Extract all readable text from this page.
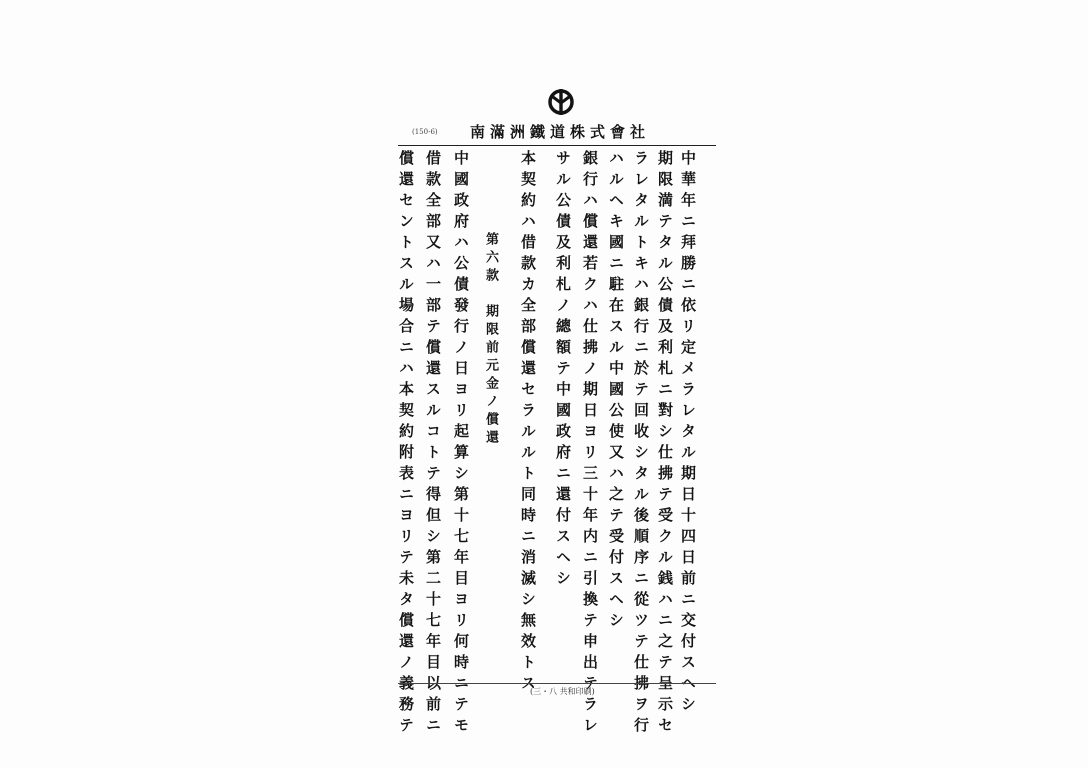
(150-6) 南滿洲鐵道株式會社
中華年ニ拜勝ニ依リ定メラレタル期日十四日前ニ交付スヘシ
期限満テタル公債及利札ニ對シ仕拂テ受クル銭ハニ之テ呈示セ
ラレタルトキハ銀行ニ於テ回收シタル後順序ニ從ツテ仕拂ヲ行
ハルヘキ國ニ駐在スル中國公使又ハ之テ受付スヘシ
銀行ハ償還若クハ仕拂ノ期日ヨリ三十年内ニ引換テ申出テラレ
サル公債及利札ノ總額テ中國政府ニ還付スヘシ
本契約ハ借款カ全部償還セラルルト同時ニ消滅シ無效トス
第六款　期限前元金ノ償還
中國政府ハ公債發行ノ日ヨリ起算シ第十七年目ヨリ何時ニテモ
借款全部又ハ一部テ償還スルコトテ得但シ第二十七年目以前ニ
償還セントスル場合ニハ本契約附表ニヨリテ未タ償還ノ義務テ	(三・八 共和印刷)
